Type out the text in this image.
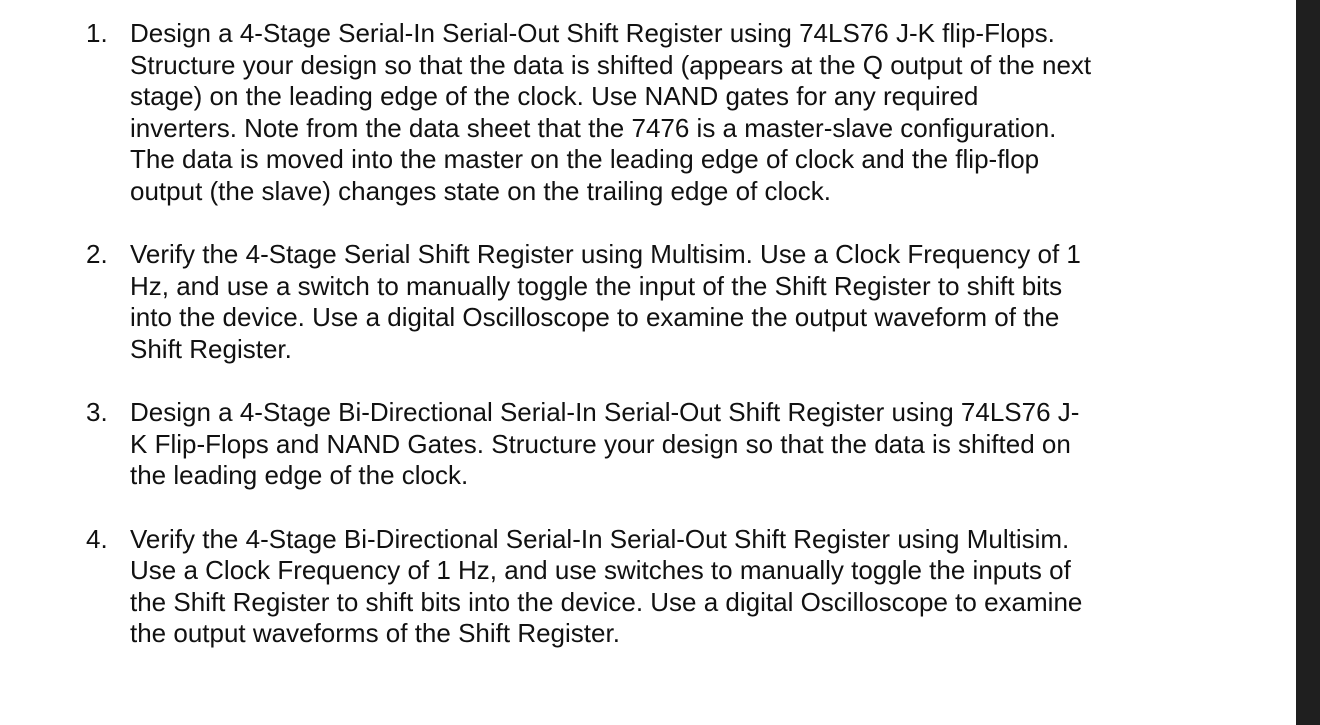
1. Design a 4-Stage Serial-In Serial-Out Shift Register using 74LS76 J-K flip-Flops.
Structure your design so that the data is shifted (appears at the Q output of the next
stage) on the leading edge of the clock. Use NAND gates for any required
inverters. Note from the data sheet that the 7476 is a master-slave configuration.
The data is moved into the master on the leading edge of clock and the flip-flop
output (the slave) changes state on the trailing edge of clock.
2. Verify the 4-Stage Serial Shift Register using Multisim. Use a Clock Frequency of 1
Hz, and use a switch to manually toggle the input of the Shift Register to shift bits
into the device. Use a digital Oscilloscope to examine the output waveform of the
Shift Register.
3. Design a 4-Stage Bi-Directional Serial-In Serial-Out Shift Register using 74LS76 J-
K Flip-Flops and NAND Gates. Structure your design so that the data is shifted on
the leading edge of the clock.
4. Verify the 4-Stage Bi-Directional Serial-In Serial-Out Shift Register using Multisim.
Use a Clock Frequency of 1 Hz, and use switches to manually toggle the inputs of
the Shift Register to shift bits into the device. Use a digital Oscilloscope to examine
the output waveforms of the Shift Register.
